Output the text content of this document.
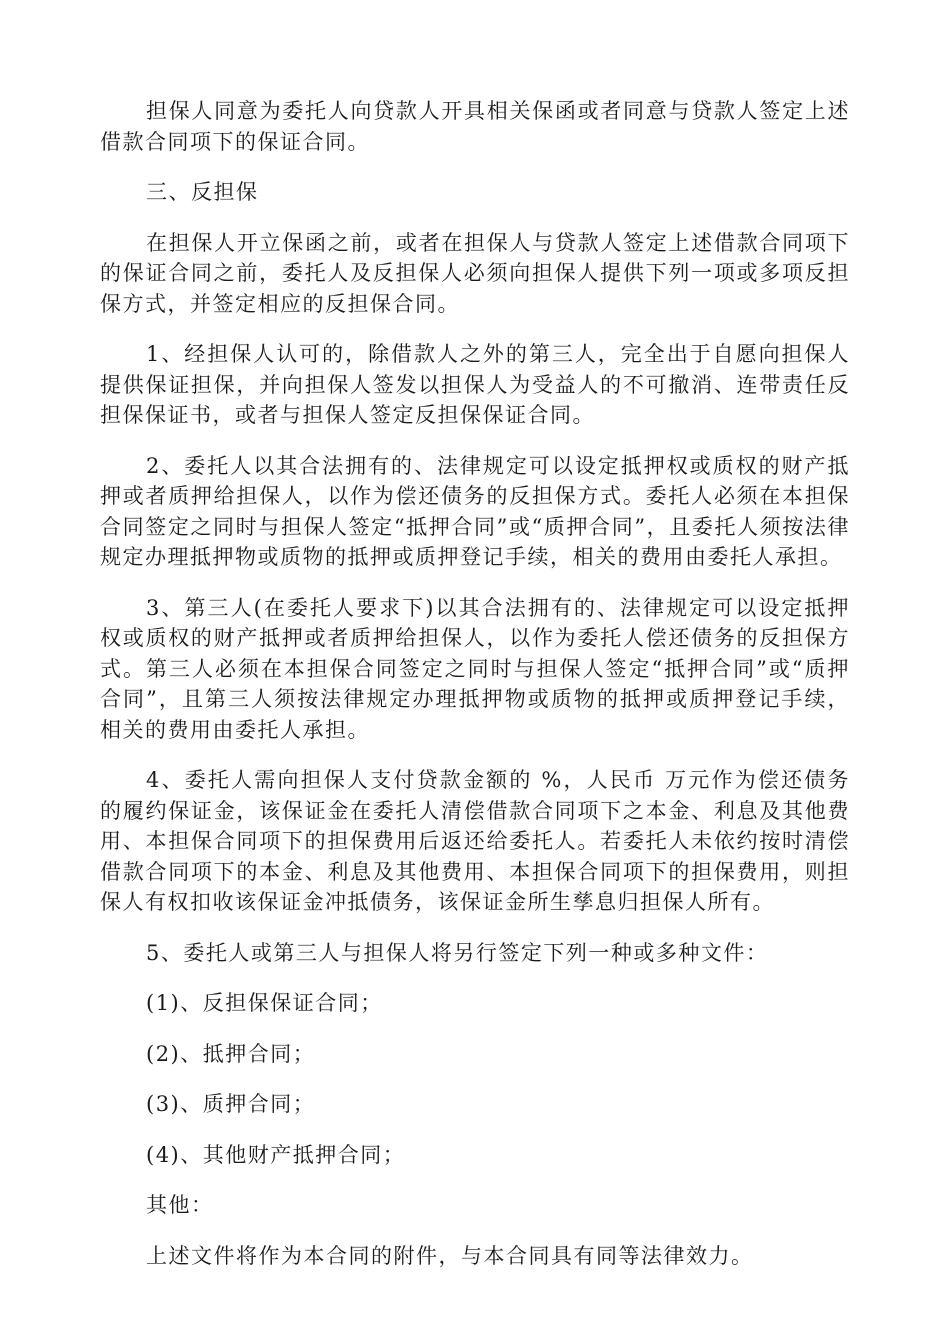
担保人同意为委托人向贷款人开具相关保函或者同意与贷款人签定上述借款合同项下的保证合同。

三、反担保

在担保人开立保函之前，或者在担保人与贷款人签定上述借款合同项下的保证合同之前，委托人及反担保人必须向担保人提供下列一项或多项反担保方式，并签定相应的反担保合同。

1、经担保人认可的，除借款人之外的第三人，完全出于自愿向担保人提供保证担保，并向担保人签发以担保人为受益人的不可撤消、连带责任反担保保证书，或者与担保人签定反担保保证合同。

2、委托人以其合法拥有的、法律规定可以设定抵押权或质权的财产抵押或者质押给担保人，以作为偿还债务的反担保方式。委托人必须在本担保合同签定之同时与担保人签定“抵押合同”或“质押合同”，且委托人须按法律规定办理抵押物或质物的抵押或质押登记手续，相关的费用由委托人承担。

3、第三人(在委托人要求下)以其合法拥有的、法律规定可以设定抵押权或质权的财产抵押或者质押给担保人，以作为委托人偿还债务的反担保方式。第三人必须在本担保合同签定之同时与担保人签定“抵押合同”或“质押合同”，且第三人须按法律规定办理抵押物或质物的抵押或质押登记手续，相关的费用由委托人承担。

4、委托人需向担保人支付贷款金额的 %，人民币 万元作为偿还债务的履约保证金，该保证金在委托人清偿借款合同项下之本金、利息及其他费用、本担保合同项下的担保费用后返还给委托人。若委托人未依约按时清偿借款合同项下的本金、利息及其他费用、本担保合同项下的担保费用，则担保人有权扣收该保证金冲抵债务，该保证金所生孳息归担保人所有。

5、委托人或第三人与担保人将另行签定下列一种或多种文件：

(1)、反担保保证合同；

(2)、抵押合同；

(3)、质押合同；

(4)、其他财产抵押合同；

其他：

上述文件将作为本合同的附件，与本合同具有同等法律效力。
